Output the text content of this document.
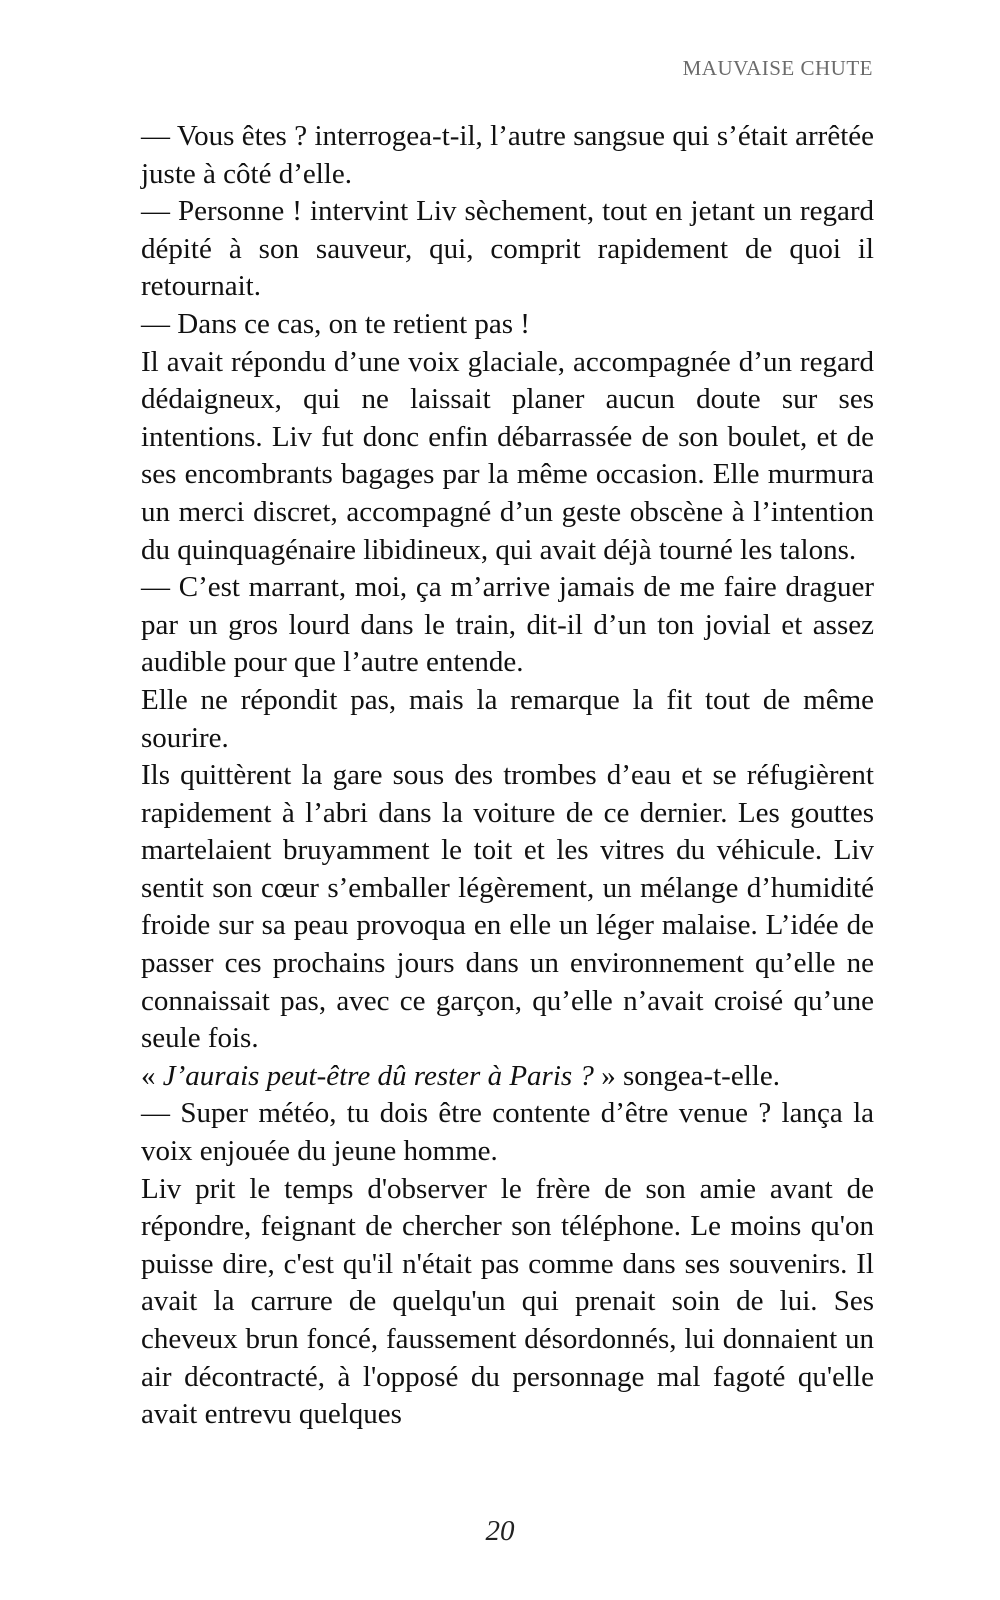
MAUVAISE CHUTE

— Vous êtes ? interrogea-t-il, l’autre sangsue qui s’était arrêtée juste à côté d’elle.

— Personne ! intervint Liv sèchement, tout en jetant un regard dépité à son sauveur, qui, comprit rapidement de quoi il retournait.

— Dans ce cas, on te retient pas !

Il avait répondu d’une voix glaciale, accompagnée d’un regard dédaigneux, qui ne laissait planer aucun doute sur ses intentions. Liv fut donc enfin débarrassée de son boulet, et de ses encombrants bagages par la même occasion. Elle murmura un merci discret, accompagné d’un geste obscène à l’intention du quinquagénaire libidineux, qui avait déjà tourné les talons.

— C’est marrant, moi, ça m’arrive jamais de me faire draguer par un gros lourd dans le train, dit-il d’un ton jovial et assez audible pour que l’autre entende.

Elle ne répondit pas, mais la remarque la fit tout de même sourire.

Ils quittèrent la gare sous des trombes d’eau et se réfugièrent rapidement à l’abri dans la voiture de ce dernier. Les gouttes martelaient bruyamment le toit et les vitres du véhicule. Liv sentit son cœur s’emballer légèrement, un mélange d’humidité froide sur sa peau provoqua en elle un léger malaise. L’idée de passer ces prochains jours dans un environnement qu’elle ne connaissait pas, avec ce garçon, qu’elle n’avait croisé qu’une seule fois.

« J’aurais peut-être dû rester à Paris ? » songea-t-elle.

— Super météo, tu dois être contente d’être venue ? lança la voix enjouée du jeune homme.

Liv prit le temps d'observer le frère de son amie avant de répondre, feignant de chercher son téléphone. Le moins qu'on puisse dire, c'est qu'il n'était pas comme dans ses souvenirs. Il avait la carrure de quelqu'un qui prenait soin de lui. Ses cheveux brun foncé, faussement désordonnés, lui donnaient un air décontracté, à l'opposé du personnage mal fagoté qu'elle avait entrevu quelques

20
